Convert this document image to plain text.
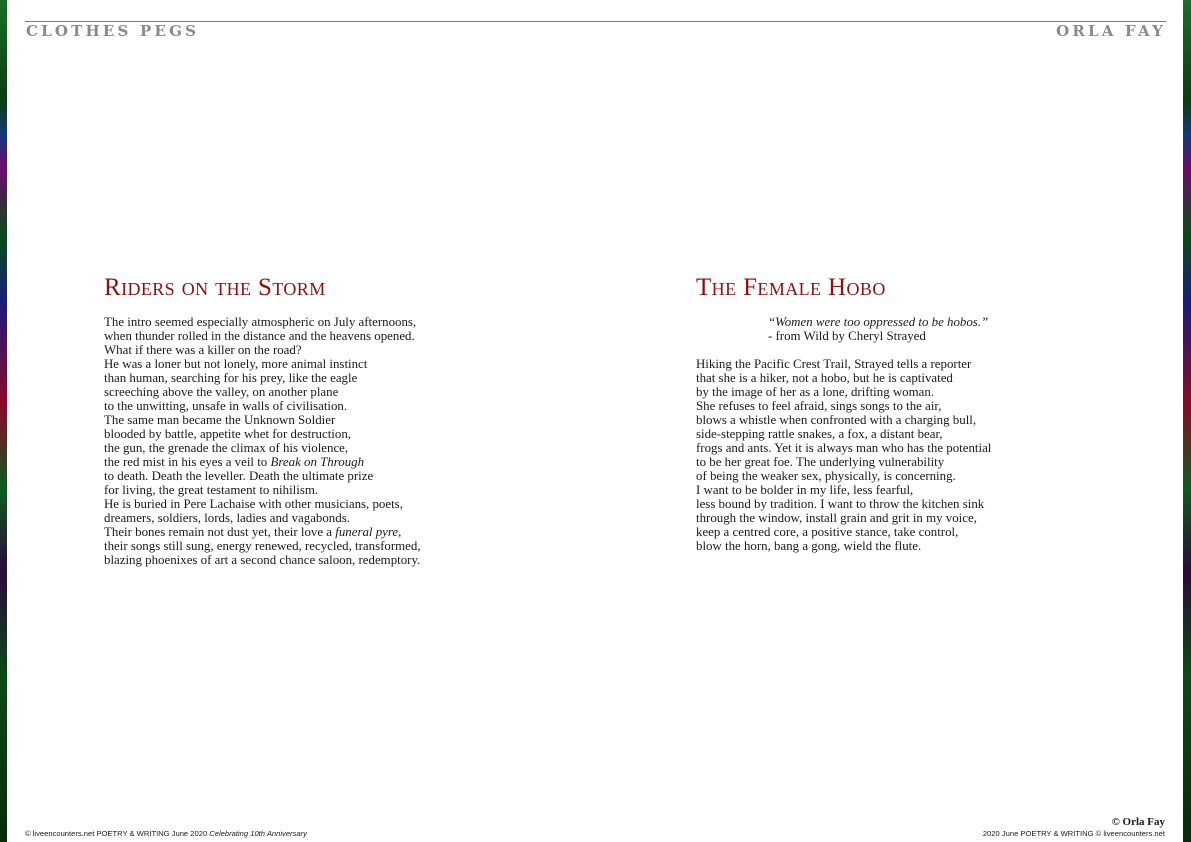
CLOTHES PEGS	ORLA FAY
Riders on the Storm
The intro seemed especially atmospheric on July afternoons,
when thunder rolled in the distance and the heavens opened.
What if there was a killer on the road?
He was a loner but not lonely, more animal instinct
than human, searching for his prey, like the eagle
screeching above the valley, on another plane
to the unwitting, unsafe in walls of civilisation.
The same man became the Unknown Soldier
blooded by battle, appetite whet for destruction,
the gun, the grenade the climax of his violence,
the red mist in his eyes a veil to Break on Through
to death. Death the leveller. Death the ultimate prize
for living, the great testament to nihilism.
He is buried in Pere Lachaise with other musicians, poets,
dreamers, soldiers, lords, ladies and vagabonds.
Their bones remain not dust yet, their love a funeral pyre,
their songs still sung, energy renewed, recycled, transformed,
blazing phoenixes of art a second chance saloon, redemptory.
The Female Hobo
“Women were too oppressed to be hobos.”
- from Wild by Cheryl Strayed
Hiking the Pacific Crest Trail, Strayed tells a reporter
that she is a hiker, not a hobo, but he is captivated
by the image of her as a lone, drifting woman.
She refuses to feel afraid, sings songs to the air,
blows a whistle when confronted with a charging bull,
side-stepping rattle snakes, a fox, a distant bear,
frogs and ants. Yet it is always man who has the potential
to be her great foe. The underlying vulnerability
of being the weaker sex, physically, is concerning.
I want to be bolder in my life, less fearful,
less bound by tradition. I want to throw the kitchen sink
through the window, install grain and grit in my voice,
keep a centred core, a positive stance, take control,
blow the horn, bang a gong, wield the flute.
© Orla Fay
© liveencounters.net POETRY & WRITING June 2020 Celebrating 10th Anniversary	2020 June POETRY & WRITING © liveencounters.net
